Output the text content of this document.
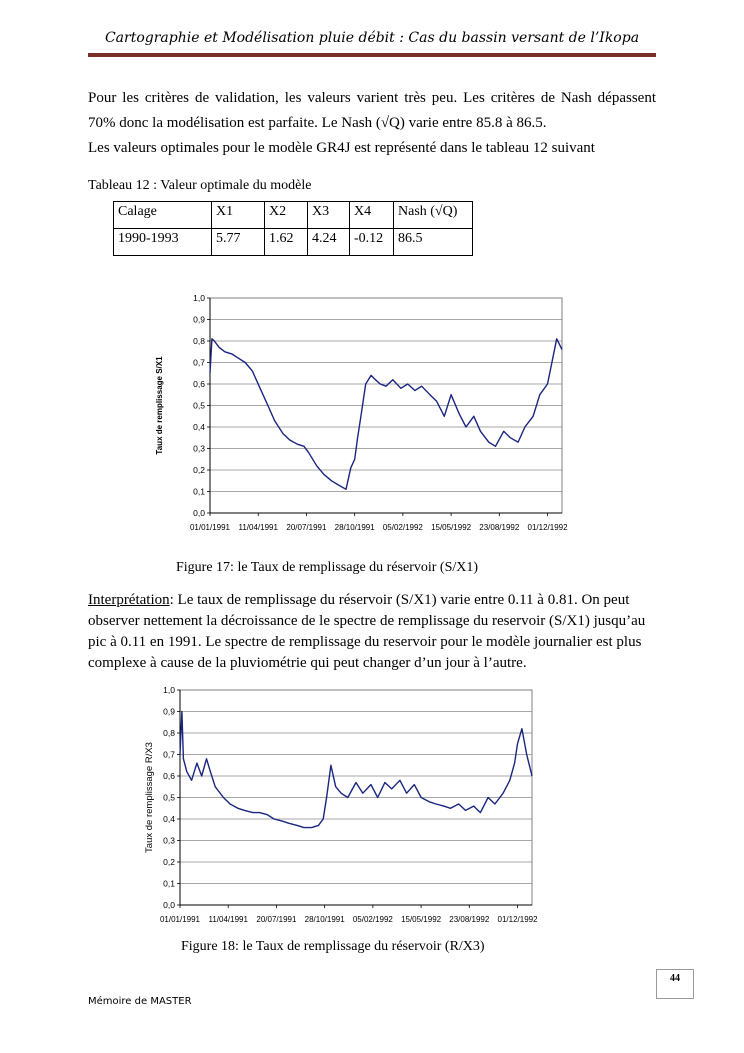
Cartographie et Modélisation pluie débit : Cas du bassin versant de l’Ikopa

Pour les critères de validation, les valeurs varient très peu. Les critères de Nash dépassent

70% donc la modélisation est parfaite. Le Nash (√Q) varie entre 85.8 à 86.5.

Les valeurs optimales pour le modèle GR4J est représenté dans le tableau 12 suivant

Tableau 12 : Valeur optimale du modèle
Calage	X1	X2	X3	X4	Nash (√Q)
1990-1993	5.77	1.62	4.24	-0.12	86.5
0,0
0,1
0,2
0,3
0,4
0,5
0,6
0,7
0,8
0,9
1,0
01/01/1991 11/04/1991 20/07/1991 28/10/1991 05/02/1992 15/05/1992 23/08/1992 01/12/1992
Taux de remplissage S/X1
Figure 17: le Taux de remplissage du réservoir (S/X1)

Interprétation: Le taux de remplissage du réservoir (S/X1) varie entre 0.11 à 0.81. On peut
observer nettement la décroissance de le spectre de remplissage du reservoir (S/X1) jusqu’au
pic à 0.11 en 1991. Le spectre de remplissage du reservoir pour le modèle journalier est plus
complexe à cause de la pluviométrie qui peut changer d’un jour à l’autre.

0,0
0,1
0,2
0,3
0,4
0,5
0,6
0,7
0,8
0,9
1,0
01/01/1991 11/04/1991 20/07/1991 28/10/1991 05/02/1992 15/05/1992 23/08/1992 01/12/1992
Taux de remplissage R/X3
Figure 18: le Taux de remplissage du réservoir (R/X3)
44
Mémoire de MASTER
